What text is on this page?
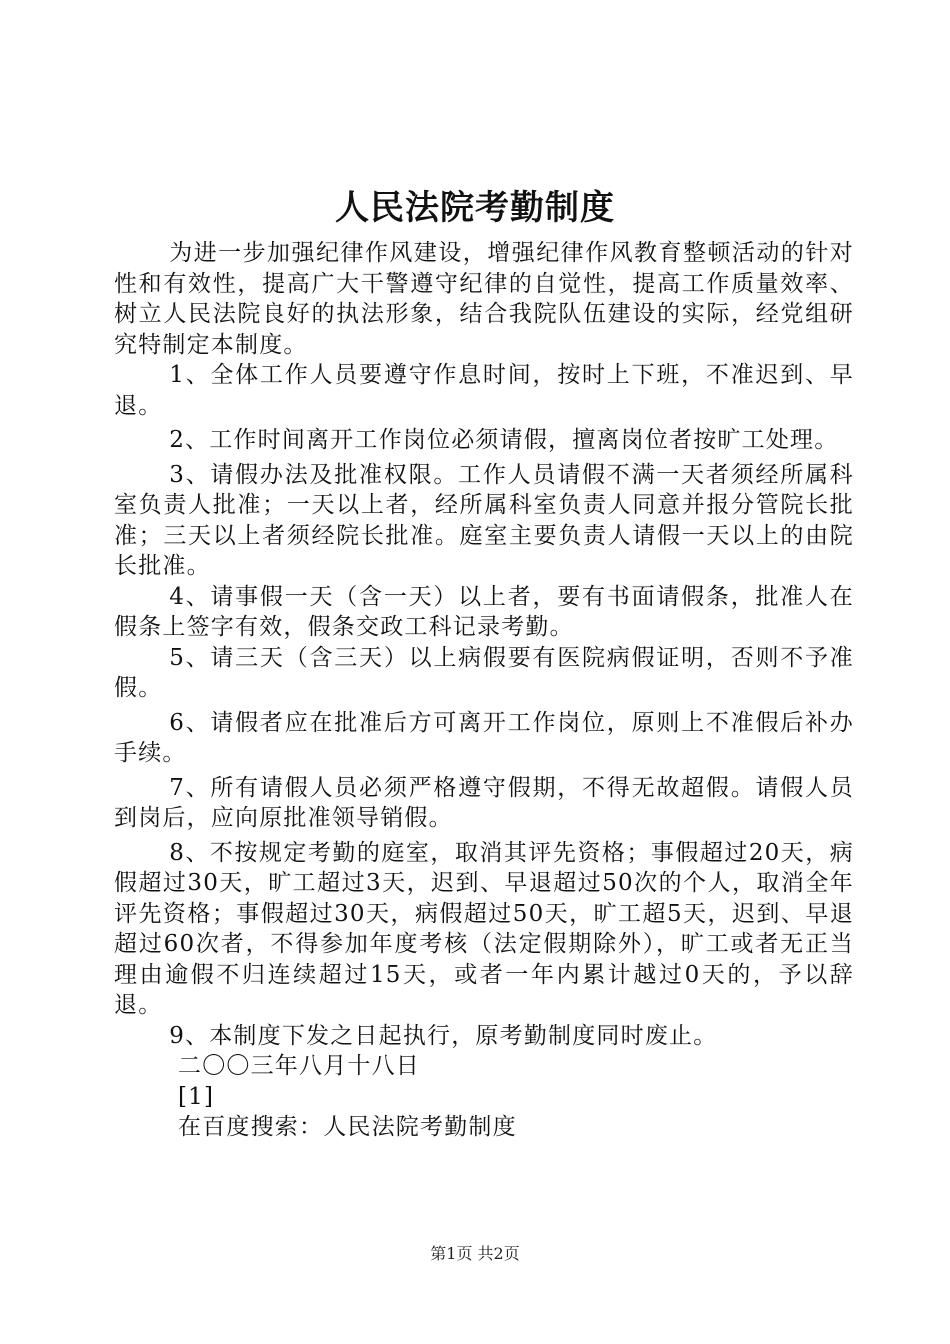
人民法院考勤制度

为进一步加强纪律作风建设，增强纪律作风教育整顿活动的针对性和有效性，提高广大干警遵守纪律的自觉性，提高工作质量效率、树立人民法院良好的执法形象，结合我院队伍建设的实际，经党组研究特制定本制度。

1、全体工作人员要遵守作息时间，按时上下班，不准迟到、早退。

2、工作时间离开工作岗位必须请假，擅离岗位者按旷工处理。

3、请假办法及批准权限。工作人员请假不满一天者须经所属科室负责人批准；一天以上者，经所属科室负责人同意并报分管院长批准；三天以上者须经院长批准。庭室主要负责人请假一天以上的由院长批准。

4、请事假一天（含一天）以上者，要有书面请假条，批准人在假条上签字有效，假条交政工科记录考勤。

5、请三天（含三天）以上病假要有医院病假证明，否则不予准假。

6、请假者应在批准后方可离开工作岗位，原则上不准假后补办手续。

7、所有请假人员必须严格遵守假期，不得无故超假。请假人员到岗后，应向原批准领导销假。

8、不按规定考勤的庭室，取消其评先资格；事假超过20天，病假超过30天，旷工超过3天，迟到、早退超过50次的个人，取消全年评先资格；事假超过30天，病假超过50天，旷工超5天，迟到、早退超过60次者，不得参加年度考核（法定假期除外），旷工或者无正当理由逾假不归连续超过15天，或者一年内累计越过0天的，予以辞退。

9、本制度下发之日起执行，原考勤制度同时废止。

二〇〇三年八月十八日

[1]

在百度搜索：人民法院考勤制度

第1页 共2页
